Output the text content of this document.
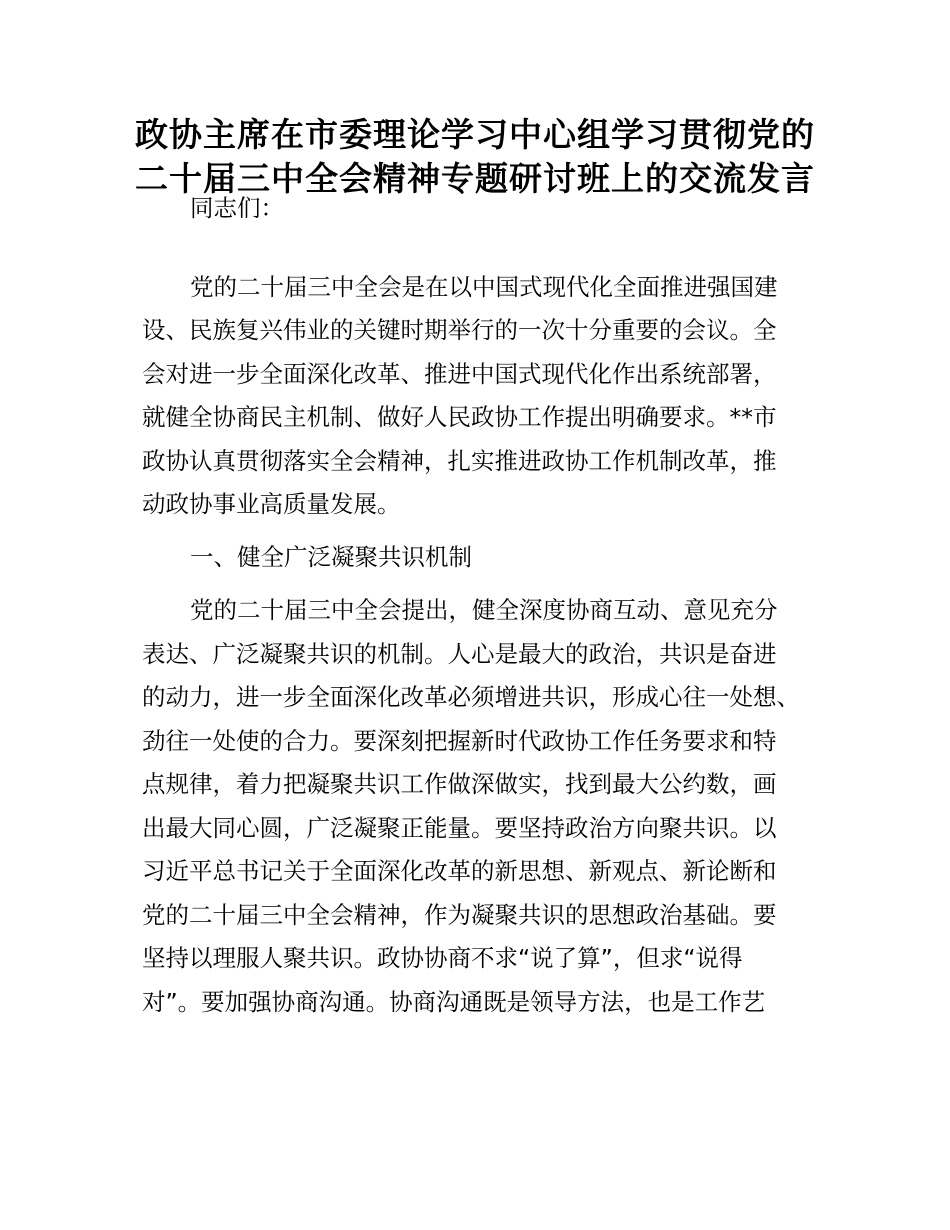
政协主席在市委理论学习中心组学习贯彻党的
二十届三中全会精神专题研讨班上的交流发言
同志们：
党的二十届三中全会是在以中国式现代化全面推进强国建
设、民族复兴伟业的关键时期举行的一次十分重要的会议。全
会对进一步全面深化改革、推进中国式现代化作出系统部署，
就健全协商民主机制、做好人民政协工作提出明确要求。**市
政协认真贯彻落实全会精神，扎实推进政协工作机制改革，推
动政协事业高质量发展。
一、健全广泛凝聚共识机制
党的二十届三中全会提出，健全深度协商互动、意见充分
表达、广泛凝聚共识的机制。人心是最大的政治，共识是奋进
的动力，进一步全面深化改革必须增进共识，形成心往一处想、
劲往一处使的合力。要深刻把握新时代政协工作任务要求和特
点规律，着力把凝聚共识工作做深做实，找到最大公约数，画
出最大同心圆，广泛凝聚正能量。要坚持政治方向聚共识。以
习近平总书记关于全面深化改革的新思想、新观点、新论断和
党的二十届三中全会精神，作为凝聚共识的思想政治基础。要
坚持以理服人聚共识。政协协商不求“说了算”，但求“说得
对”。要加强协商沟通。协商沟通既是领导方法，也是工作艺
